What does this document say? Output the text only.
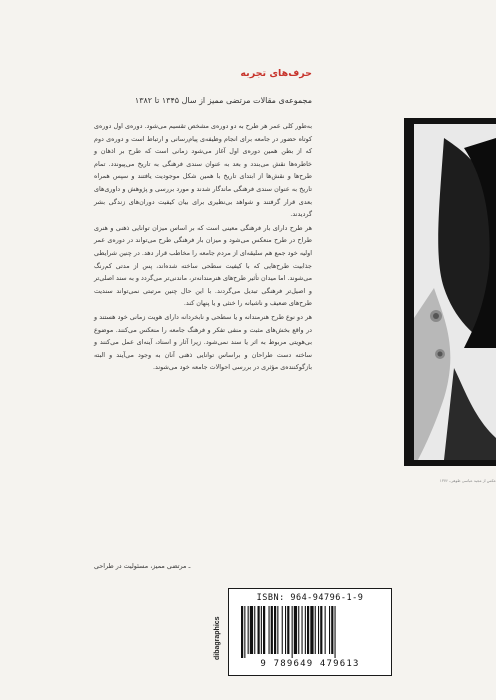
حرف‌های تجربه
مجموعه‌ی مقالات مرتضی ممیز از سال ۱۳۴۵ تا ۱۳۸۲

به‌طور کلی عمر هر طرح به دو دوره‌ی مشخص تقسیم می‌شود. دوره‌ی اول دوره‌ی کوتاه حضور در جامعه برای انجام وظیفه‌ی پیام‌رسانی و ارتباط است و دوره‌ی دوم که از بطن همین دوره‌ی اول آغاز می‌شود زمانی است که طرح بر اذهان و خاطره‌ها نقش می‌بندد و بعد به عنوان سندی فرهنگی به تاریخ می‌پیوندد. تمام طرح‌ها و نقش‌ها از ابتدای تاریخ با همین شکل موجودیت یافتند و سپس همراه تاریخ به عنوان سندی فرهنگی ماندگار شدند و مورد بررسی و پژوهش و داوری‌های بعدی قرار گرفتند و شواهد بی‌نظیری برای بیان کیفیت دوران‌های زندگی بشر گردیدند.

هر طرح دارای بار فرهنگی معینی است که بر اساس میزان توانایی ذهنی و هنری طراح در طرح منعکس می‌شود و میزان بار فرهنگی طرح می‌تواند در دوره‌ی عمر اولیه خود جمع هم سلیقه‌ای از مردم جامعه را مخاطب قرار دهد. در چنین شرایطی جذابیت طرح‌هایی که با کیفیت سطحی ساخته شده‌اند، پس از مدتی کم‌رنگ می‌شوند. اما میدان تأثیر طرح‌های هنرمندانه‌تر، ماندنی‌تر می‌گردد و به سند اصلی‌تر و اصیل‌تر فرهنگی تبدیل می‌گردند. با این حال چنین مرتبتی نمی‌تواند سندیت طرح‌های ضعیف و ناشیانه را خنثی و یا پنهان کند.

هر دو نوع طرح هنرمندانه و یا سطحی و نابخردانه دارای هویت زمانی خود هستند و در واقع بخش‌های مثبت و منفی تفکر و فرهنگ جامعه را منعکس می‌کنند. موضوع بی‌هویتی مربوط به اثر یا سند نمی‌شود. زیرا آثار و اسناد، آینه‌ای عمل می‌کنند و ساخته دست طراحان و براساس توانایی ذهنی آنان به وجود می‌آیند و البته بازگوکننده‌ی مؤثری در بررسی احوالات جامعه خود می‌شوند.

ـ مرتضی ممیز، مسئولیت در طراحی
عکس از مجید عباسی طوهی، ۱۳۷۶
dibagraphics
ISBN: 964-94796-1-9
9 789649 479613
